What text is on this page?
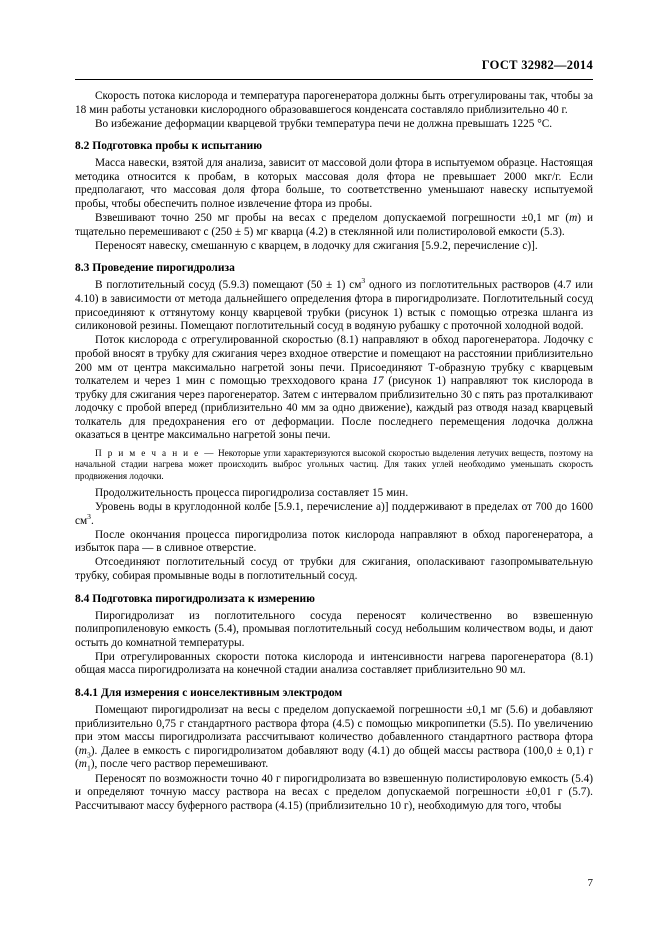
ГОСТ 32982—2014

Скорость потока кислорода и температура парогенератора должны быть отрегулированы так, чтобы за 18 мин работы установки кислородного образовавшегося конденсата составляло приблизительно 40 г.

Во избежание деформации кварцевой трубки температура печи не должна превышать 1225 °С.

8.2 Подготовка пробы к испытанию

Масса навески, взятой для анализа, зависит от массовой доли фтора в испытуемом образце. Настоящая методика относится к пробам, в которых массовая доля фтора не превышает 2000 мкг/г. Если предполагают, что массовая доля фтора больше, то соответственно уменьшают навеску испытуемой пробы, чтобы обеспечить полное извлечение фтора из пробы.

Взвешивают точно 250 мг пробы на весах с пределом допускаемой погрешности ±0,1 мг (m) и тщательно перемешивают с (250 ± 5) мг кварца (4.2) в стеклянной или полистироловой емкости (5.3).

Переносят навеску, смешанную с кварцем, в лодочку для сжигания [5.9.2, перечисление с)].

8.3 Проведение пирогидролиза

В поглотительный сосуд (5.9.3) помещают (50 ± 1) $см^3$ одного из поглотительных растворов (4.7 или 4.10) в зависимости от метода дальнейшего определения фтора в пирогидролизате. Поглотительный сосуд присоединяют к оттянутому концу кварцевой трубки (рисунок 1) встык с помощью отрезка шланга из силиконовой резины. Помещают поглотительный сосуд в водяную рубашку с проточной холодной водой.

Поток кислорода с отрегулированной скоростью (8.1) направляют в обход парогенератора. Лодочку с пробой вносят в трубку для сжигания через входное отверстие и помещают на расстоянии приблизительно 200 мм от центра максимально нагретой зоны печи. Присоединяют Т-образную трубку с кварцевым толкателем и через 1 мин с помощью трехходового крана 17 (рисунок 1) направляют ток кислорода в трубку для сжигания через парогенератор. Затем с интервалом приблизительно 30 с пять раз проталкивают лодочку с пробой вперед (приблизительно 40 мм за одно движение), каждый раз отводя назад кварцевый толкатель для предохранения его от деформации. После последнего перемещения лодочка должна оказаться в центре максимально нагретой зоны печи.

П р и м е ч а н и е — Некоторые угли характеризуются высокой скоростью выделения летучих веществ, поэтому на начальной стадии нагрева может происходить выброс угольных частиц. Для таких углей необходимо уменьшать скорость продвижения лодочки.

Продолжительность процесса пирогидролиза составляет 15 мин.

Уровень воды в круглодонной колбе [5.9.1, перечисление а)] поддерживают в пределах от 700 до 1600 $см^3$.

После окончания процесса пирогидролиза поток кислорода направляют в обход парогенератора, а избыток пара — в сливное отверстие.

Отсоединяют поглотительный сосуд от трубки для сжигания, ополаскивают газопромывательную трубку, собирая промывные воды в поглотительный сосуд.

8.4 Подготовка пирогидролизата к измерению

Пирогидролизат из поглотительного сосуда переносят количественно во взвешенную полипропиленовую емкость (5.4), промывая поглотительный сосуд небольшим количеством воды, и дают остыть до комнатной температуры.

При отрегулированных скорости потока кислорода и интенсивности нагрева парогенератора (8.1) общая масса пирогидролизата на конечной стадии анализа составляет приблизительно 90 мл.

8.4.1 Для измерения с ионселективным электродом

Помещают пирогидролизат на весы с пределом допускаемой погрешности ±0,1 мг (5.6) и добавляют приблизительно 0,75 г стандартного раствора фтора (4.5) с помощью микропипетки (5.5). По увеличению при этом массы пирогидролизата рассчитывают количество добавленного стандартного раствора фтора $(m_3)$. Далее в емкость с пирогидролизатом добавляют воду (4.1) до общей массы раствора (100,0 ± 0,1) г $(m_1)$, после чего раствор перемешивают.

Переносят по возможности точно 40 г пирогидролизата во взвешенную полистироловую емкость (5.4) и определяют точную массу раствора на весах с пределом допускаемой погрешности ±0,01 г (5.7). Рассчитывают массу буферного раствора (4.15) (приблизительно 10 г), необходимую для того, чтобы

7
